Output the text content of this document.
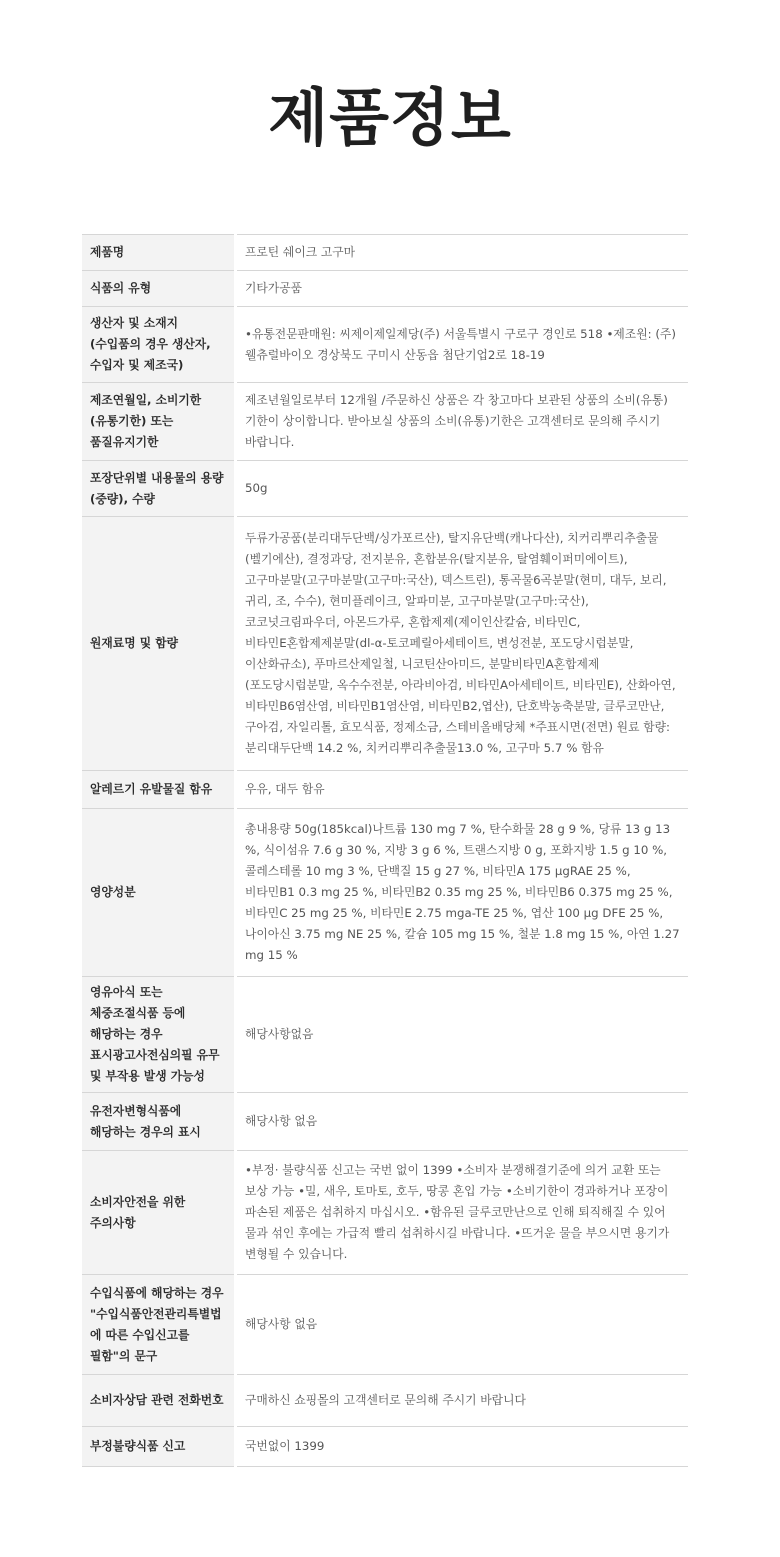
제품정보
제품명	프로틴 쉐이크 고구마
식품의 유형	기타가공품
생산자 및 소재지(수입품의 경우 생산자, 수입자 및 제조국)	•유통전문판매원: 씨제이제일제당(주) 서울특별시 구로구 경인로 518 •제조원: (주)웰츄럴바이오 경상북도 구미시 산동읍 첨단기업2로 18-19
제조연월일, 소비기한(유통기한) 또는 품질유지기한	제조년월일로부터 12개월 /주문하신 상품은 각 창고마다 보관된 상품의 소비(유통)기한이 상이합니다. 받아보실 상품의 소비(유통)기한은 고객센터로 문의해 주시기 바랍니다.
포장단위별 내용물의 용량(중량), 수량	50g
원재료명 및 함량	두류가공품(분리대두단백/싱가포르산), 탈지유단백(캐나다산), 치커리뿌리추출물(벨기에산), 결정과당, 전지분유, 혼합분유(탈지분유, 탈염훼이퍼미에이트), 고구마분말(고구마분말(고구마:국산), 덱스트린), 통곡물6곡분말(현미, 대두, 보리, 귀리, 조, 수수), 현미플레이크, 알파미분, 고구마분말(고구마:국산), 코코넛크림파우더, 아몬드가루, 혼합제제(제이인산칼슘, 비타민C, 비타민E혼합제제분말(dl-α-토코페릴아세테이트, 변성전분, 포도당시럽분말, 이산화규소), 푸마르산제일철, 니코틴산아미드, 분말비타민A혼합제제(포도당시럽분말, 옥수수전분, 아라비아검, 비타민A아세테이트, 비타민E), 산화아연, 비타민B6염산염, 비타민B1염산염, 비타민B2,엽산), 단호박농축분말, 글루코만난, 구아검, 자일리톨, 효모식품, 정제소금, 스테비올배당체 *주표시면(전면) 원료 함량: 분리대두단백 14.2 %, 치커리뿌리추출물13.0 %, 고구마 5.7 % 함유
알레르기 유발물질 함유	우유, 대두 함유
영양성분	총내용량 50g(185kcal)나트륨 130 mg 7 %, 탄수화물 28 g 9 %, 당류 13 g 13 %, 식이섬유 7.6 g 30 %, 지방 3 g 6 %, 트랜스지방 0 g, 포화지방 1.5 g 10 %, 콜레스테롤 10 mg 3 %, 단백질 15 g 27 %, 비타민A 175 μgRAE 25 %, 비타민B1 0.3 mg 25 %, 비타민B2 0.35 mg 25 %, 비타민B6 0.375 mg 25 %, 비타민C 25 mg 25 %, 비타민E 2.75 mga-TE 25 %, 엽산 100 μg DFE 25 %, 나이아신 3.75 mg NE 25 %, 칼슘 105 mg 15 %, 철분 1.8 mg 15 %, 아연 1.27 mg 15 %
영유아식 또는 체중조절식품 등에 해당하는 경우 표시광고사전심의필 유무 및 부작용 발생 가능성	해당사항없음
유전자변형식품에 해당하는 경우의 표시	해당사항 없음
소비자안전을 위한 주의사항	•부정· 불량식품 신고는 국번 없이 1399 •소비자 분쟁해결기준에 의거 교환 또는 보상 가능 •밀, 새우, 토마토, 호두, 땅콩 혼입 가능 •소비기한이 경과하거나 포장이 파손된 제품은 섭취하지 마십시오. •함유된 글루코만난으로 인해 퇴직해질 수 있어 물과 섞인 후에는 가급적 빨리 섭취하시길 바랍니다. •뜨거운 물을 부으시면 용기가 변형될 수 있습니다.
수입식품에 해당하는 경우 "수입식품안전관리특별법에 따른 수입신고를 필함"의 문구	해당사항 없음
소비자상담 관련 전화번호	구매하신 쇼핑몰의 고객센터로 문의해 주시기 바랍니다
부정불량식품 신고	국번없이 1399
